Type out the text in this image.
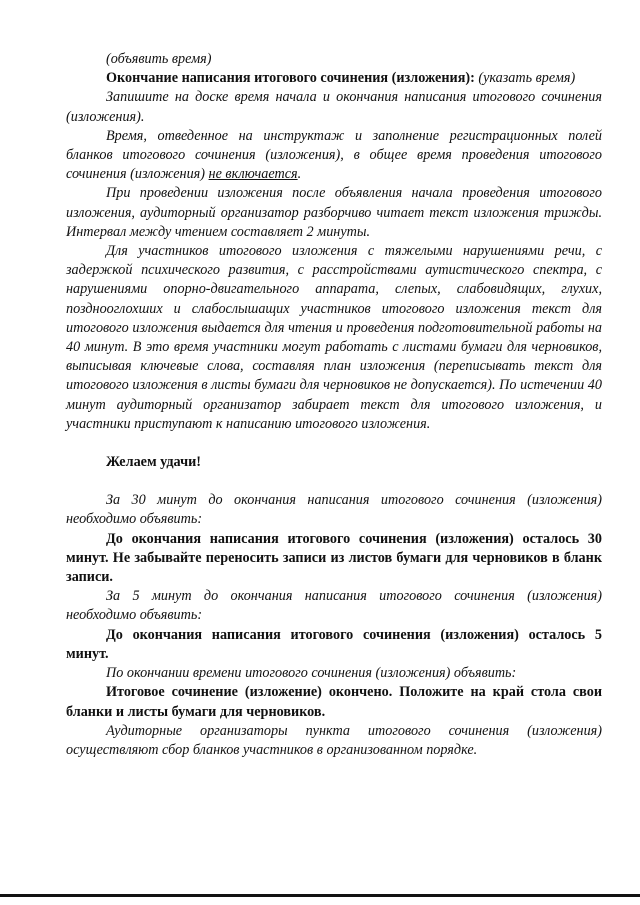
(объявить время)

Окончание написания итогового сочинения (изложения): (указать время)

Запишите на доске время начала и окончания написания итогового сочинения (изложения).

Время, отведенное на инструктаж и заполнение регистрационных полей бланков итогового сочинения (изложения), в общее время проведения итогового сочинения (изложения) не включается.

При проведении изложения после объявления начала проведения итогового изложения, аудиторный организатор разборчиво читает текст изложения трижды. Интервал между чтением составляет 2 минуты.

Для участников итогового изложения с тяжелыми нарушениями речи, с задержкой психического развития, с расстройствами аутистического спектра, с нарушениями опорно-двигательного аппарата, слепых, слабовидящих, глухих, позднооглохших и слабослышащих участников итогового изложения текст для итогового изложения выдается для чтения и проведения подготовительной работы на 40 минут. В это время участники могут работать с листами бумаги для черновиков, выписывая ключевые слова, составляя план изложения (переписывать текст для итогового изложения в листы бумаги для черновиков не допускается). По истечении 40 минут аудиторный организатор забирает текст для итогового изложения, и участники приступают к написанию итогового изложения.

Желаем удачи!

За 30 минут до окончания написания итогового сочинения (изложения) необходимо объявить:

До окончания написания итогового сочинения (изложения) осталось 30 минут. Не забывайте переносить записи из листов бумаги для черновиков в бланк записи.

За 5 минут до окончания написания итогового сочинения (изложения) необходимо объявить:

До окончания написания итогового сочинения (изложения) осталось 5 минут.

По окончании времени итогового сочинения (изложения) объявить:

Итоговое сочинение (изложение) окончено. Положите на край стола свои бланки и листы бумаги для черновиков.

Аудиторные организаторы пункта итогового сочинения (изложения) осуществляют сбор бланков участников в организованном порядке.
